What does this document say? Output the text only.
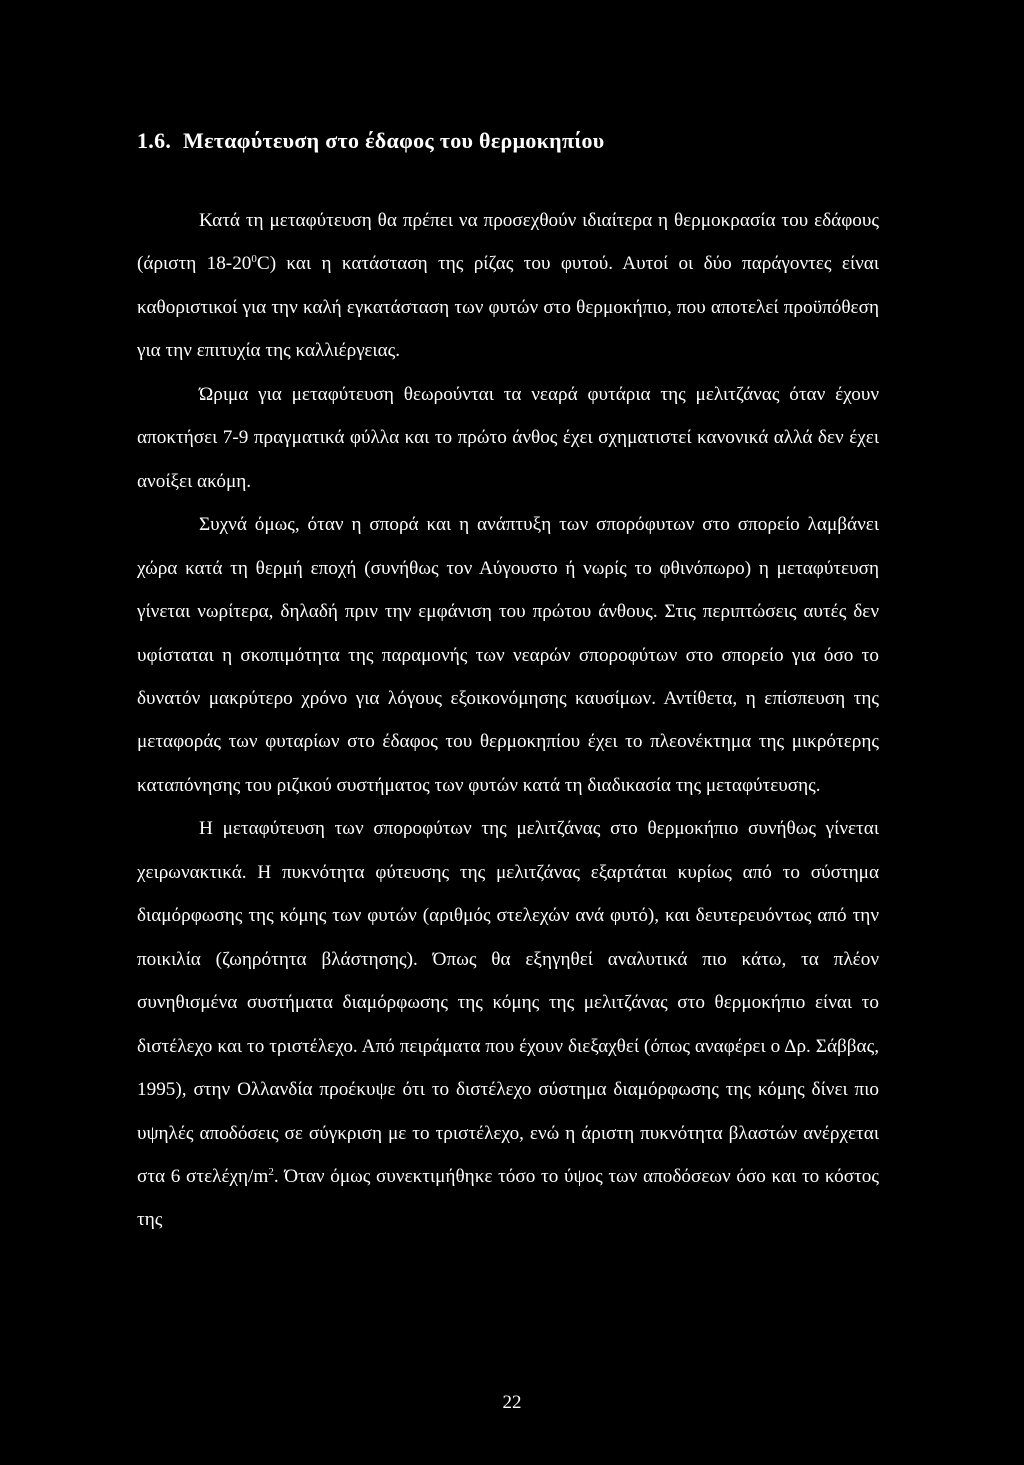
1.6. Μεταφύτευση στο έδαφος του θερμοκηπίου

Κατά τη μεταφύτευση θα πρέπει να προσεχθούν ιδιαίτερα η θερμοκρασία του εδάφους (άριστη $18-20^0C$) και η κατάσταση της ρίζας του φυτού. Αυτοί οι δύο παράγοντες είναι καθοριστικοί για την καλή εγκατάσταση των φυτών στο θερμοκήπιο, που αποτελεί προϋπόθεση για την επιτυχία της καλλιέργειας.

Ώριμα για μεταφύτευση θεωρούνται τα νεαρά φυτάρια της μελιτζάνας όταν έχουν αποκτήσει 7-9 πραγματικά φύλλα και το πρώτο άνθος έχει σχηματιστεί κανονικά αλλά δεν έχει ανοίξει ακόμη.

Συχνά όμως, όταν η σπορά και η ανάπτυξη των σπορόφυτων στο σπορείο λαμβάνει χώρα κατά τη θερμή εποχή (συνήθως τον Αύγουστο ή νωρίς το φθινόπωρο) η μεταφύτευση γίνεται νωρίτερα, δηλαδή πριν την εμφάνιση του πρώτου άνθους. Στις περιπτώσεις αυτές δεν υφίσταται η σκοπιμότητα της παραμονής των νεαρών σποροφύτων στο σπορείο για όσο το δυνατόν μακρύτερο χρόνο για λόγους εξοικονόμησης καυσίμων. Αντίθετα, η επίσπευση της μεταφοράς των φυταρίων στο έδαφος του θερμοκηπίου έχει το πλεονέκτημα της μικρότερης καταπόνησης του ριζικού συστήματος των φυτών κατά τη διαδικασία της μεταφύτευσης.

Η μεταφύτευση των σποροφύτων της μελιτζάνας στο θερμοκήπιο συνήθως γίνεται χειρωνακτικά. Η πυκνότητα φύτευσης της μελιτζάνας εξαρτάται κυρίως από το σύστημα διαμόρφωσης της κόμης των φυτών (αριθμός στελεχών ανά φυτό), και δευτερευόντως από την ποικιλία (ζωηρότητα βλάστησης). Όπως θα εξηγηθεί αναλυτικά πιο κάτω, τα πλέον συνηθισμένα συστήματα διαμόρφωσης της κόμης της μελιτζάνας στο θερμοκήπιο είναι το διστέλεχο και το τριστέλεχο. Από πειράματα που έχουν διεξαχθεί (όπως αναφέρει ο Δρ. Σάββας, 1995), στην Ολλανδία προέκυψε ότι το διστέλεχο σύστημα διαμόρφωσης της κόμης δίνει πιο υψηλές αποδόσεις σε σύγκριση με το τριστέλεχο, ενώ η άριστη πυκνότητα βλαστών ανέρχεται στα 6 στελέχη/$m^2$. Όταν όμως συνεκτιμήθηκε τόσο το ύψος των αποδόσεων όσο και το κόστος της

22
